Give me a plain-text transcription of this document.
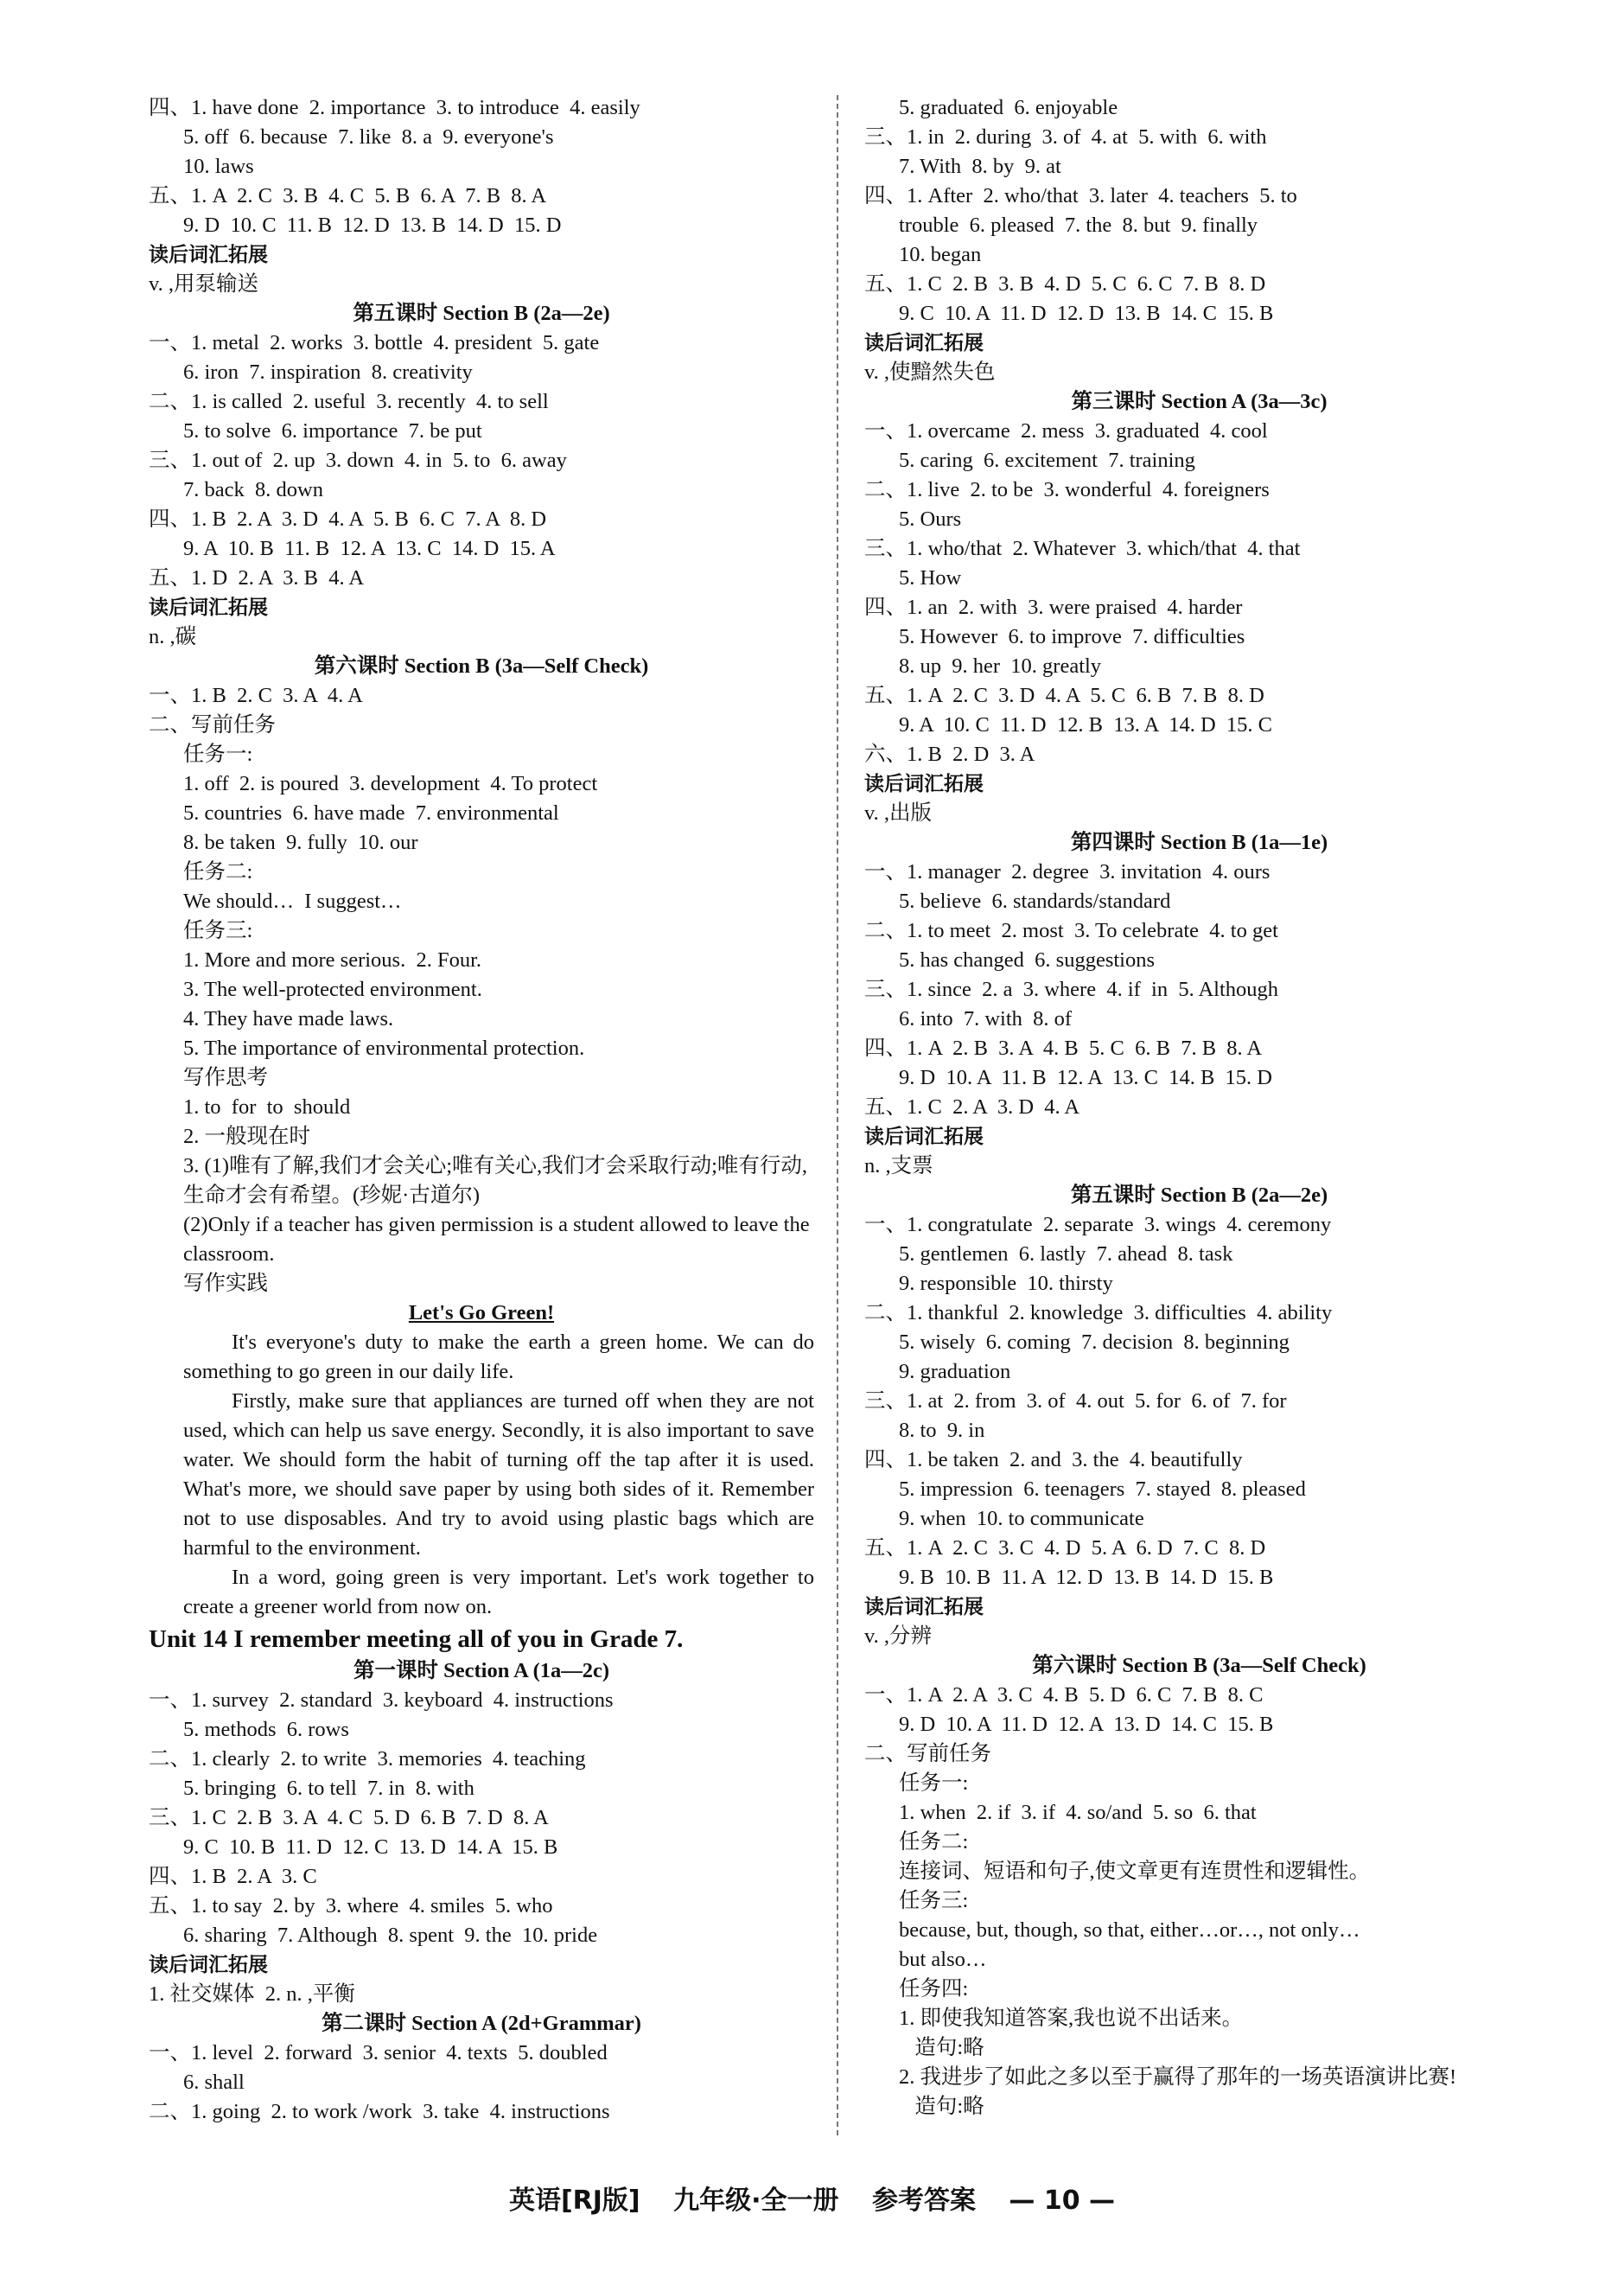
四、1. have done  2. importance  3. to introduce  4. easily
5. off  6. because  7. like  8. a  9. everyone's
10. laws
五、1. A  2. C  3. B  4. C  5. B  6. A  7. B  8. A
9. D  10. C  11. B  12. D  13. B  14. D  15. D
读后词汇拓展
v. ,用泵输送
第五课时 Section B (2a—2e)
一、1. metal  2. works  3. bottle  4. president  5. gate
6. iron  7. inspiration  8. creativity
二、1. is called  2. useful  3. recently  4. to sell
5. to solve  6. importance  7. be put
三、1. out of  2. up  3. down  4. in  5. to  6. away
7. back  8. down
四、1. B  2. A  3. D  4. A  5. B  6. C  7. A  8. D
9. A  10. B  11. B  12. A  13. C  14. D  15. A
五、1. D  2. A  3. B  4. A
读后词汇拓展
n. ,碳
第六课时 Section B (3a—Self Check)
一、1. B  2. C  3. A  4. A
二、写前任务
任务一:
1. off  2. is poured  3. development  4. To protect
5. countries  6. have made  7. environmental
8. be taken  9. fully  10. our
任务二:
We should…  I suggest…
任务三:
1. More and more serious.  2. Four.
3. The well-protected environment.
4. They have made laws.
5. The importance of environmental protection.
写作思考
1. to  for  to  should
2. 一般现在时
3. (1)唯有了解,我们才会关心;唯有关心,我们才会采取行动;唯有行动,生命才会有希望。(珍妮·古道尔)
(2)Only if a teacher has given permission is a student allowed to leave the classroom.
写作实践
Let's Go Green!
It's everyone's duty to make the earth a green home. We can do something to go green in our daily life.
Firstly, make sure that appliances are turned off when they are not used, which can help us save energy. Secondly, it is also important to save water. We should form the habit of turning off the tap after it is used. What's more, we should save paper by using both sides of it. Remember not to use disposables. And try to avoid using plastic bags which are harmful to the environment.
In a word, going green is very important. Let's work together to create a greener world from now on.
Unit 14 I remember meeting all of you in Grade 7.
第一课时 Section A (1a—2c)
一、1. survey  2. standard  3. keyboard  4. instructions
5. methods  6. rows
二、1. clearly  2. to write  3. memories  4. teaching
5. bringing  6. to tell  7. in  8. with
三、1. C  2. B  3. A  4. C  5. D  6. B  7. D  8. A
9. C  10. B  11. D  12. C  13. D  14. A  15. B
四、1. B  2. A  3. C
五、1. to say  2. by  3. where  4. smiles  5. who
6. sharing  7. Although  8. spent  9. the  10. pride
读后词汇拓展
1. 社交媒体  2. n. ,平衡
第二课时 Section A (2d+Grammar)
一、1. level  2. forward  3. senior  4. texts  5. doubled
6. shall
二、1. going  2. to work /work  3. take  4. instructions
5. graduated  6. enjoyable
三、1. in  2. during  3. of  4. at  5. with  6. with
7. With  8. by  9. at
四、1. After  2. who/that  3. later  4. teachers  5. to
trouble  6. pleased  7. the  8. but  9. finally
10. began
五、1. C  2. B  3. B  4. D  5. C  6. C  7. B  8. D
9. C  10. A  11. D  12. D  13. B  14. C  15. B
读后词汇拓展
v. ,使黯然失色
第三课时 Section A (3a—3c)
一、1. overcame  2. mess  3. graduated  4. cool
5. caring  6. excitement  7. training
二、1. live  2. to be  3. wonderful  4. foreigners
5. Ours
三、1. who/that  2. Whatever  3. which/that  4. that
5. How
四、1. an  2. with  3. were praised  4. harder
5. However  6. to improve  7. difficulties
8. up  9. her  10. greatly
五、1. A  2. C  3. D  4. A  5. C  6. B  7. B  8. D
9. A  10. C  11. D  12. B  13. A  14. D  15. C
六、1. B  2. D  3. A
读后词汇拓展
v. ,出版
第四课时 Section B (1a—1e)
一、1. manager  2. degree  3. invitation  4. ours
5. believe  6. standards/standard
二、1. to meet  2. most  3. To celebrate  4. to get
5. has changed  6. suggestions
三、1. since  2. a  3. where  4. if  in  5. Although
6. into  7. with  8. of
四、1. A  2. B  3. A  4. B  5. C  6. B  7. B  8. A
9. D  10. A  11. B  12. A  13. C  14. B  15. D
五、1. C  2. A  3. D  4. A
读后词汇拓展
n. ,支票
第五课时 Section B (2a—2e)
一、1. congratulate  2. separate  3. wings  4. ceremony
5. gentlemen  6. lastly  7. ahead  8. task
9. responsible  10. thirsty
二、1. thankful  2. knowledge  3. difficulties  4. ability
5. wisely  6. coming  7. decision  8. beginning
9. graduation
三、1. at  2. from  3. of  4. out  5. for  6. of  7. for
8. to  9. in
四、1. be taken  2. and  3. the  4. beautifully
5. impression  6. teenagers  7. stayed  8. pleased
9. when  10. to communicate
五、1. A  2. C  3. C  4. D  5. A  6. D  7. C  8. D
9. B  10. B  11. A  12. D  13. B  14. D  15. B
读后词汇拓展
v. ,分辨
第六课时 Section B (3a—Self Check)
一、1. A  2. A  3. C  4. B  5. D  6. C  7. B  8. C
9. D  10. A  11. D  12. A  13. D  14. C  15. B
二、写前任务
任务一:
1. when  2. if  3. if  4. so/and  5. so  6. that
任务二:
连接词、短语和句子,使文章更有连贯性和逻辑性。
任务三:
because, but, though, so that, either…or…, not only…
but also…
任务四:
1. 即使我知道答案,我也说不出话来。
造句:略
2. 我进步了如此之多以至于赢得了那年的一场英语演讲比赛!
造句:略
英语[RJ版] 九年级·全一册 参考答案 — 10 —
